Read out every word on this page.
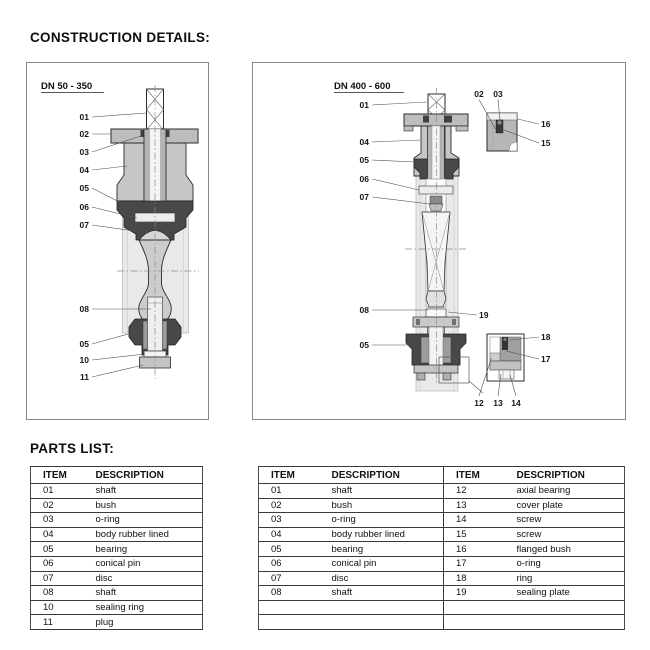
CONSTRUCTION DETAILS:
DN 50 - 350
01
02
03
04
05
06
07
08
05
10
11
DN 400 - 600
01
04
05
06
07
08
05
19
02 03
12 13 14
16
15
18
17
PARTS LIST:
ITEM	DESCRIPTION
01	shaft
02	bush
03	o-ring
04	body rubber lined
05	bearing
06	conical pin
07	disc
08	shaft
10	sealing ring
11	plug
ITEM	DESCRIPTION	ITEM	DESCRIPTION
01	shaft	12	axial bearing
02	bush	13	cover plate
03	o-ring	14	screw
04	body rubber lined	15	screw
05	bearing	16	flanged bush
06	conical pin	17	o-ring
07	disc	18	ring
08	shaft	19	sealing plate
